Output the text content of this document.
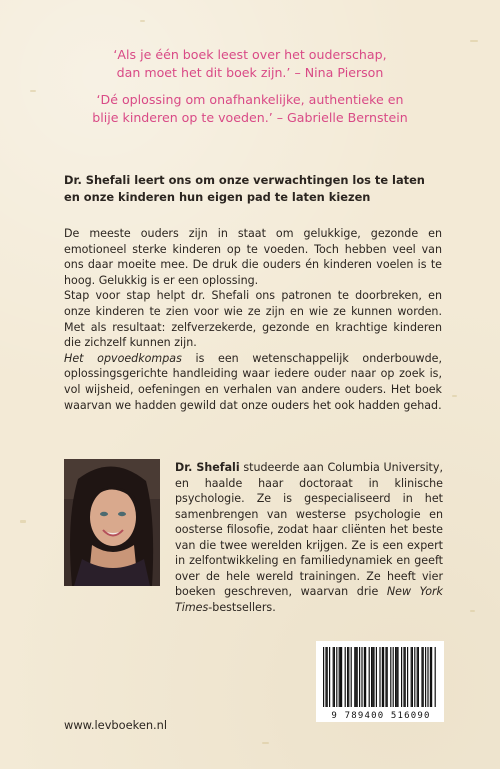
‘Als je één boek leest over het ouderschap,
dan moet het dit boek zijn.’ – Nina Pierson
‘Dé oplossing om onafhankelijke, authentieke en
blije kinderen op te voeden.’ – Gabrielle Bernstein
Dr. Shefali leert ons om onze verwachtingen los te laten en onze kinderen hun eigen pad te laten kiezen

De meeste ouders zijn in staat om gelukkige, gezonde en emotioneel sterke kinderen op te voeden. Toch hebben veel van ons daar moeite mee. De druk die ouders én kinderen voelen is te hoog. Gelukkig is er een oplossing.

Stap voor stap helpt dr. Shefali ons patronen te doorbreken, en onze kinderen te zien voor wie ze zijn en wie ze kunnen worden. Met als resultaat: zelfverzekerde, gezonde en krachtige kinderen die zichzelf kunnen zijn.

Het opvoedkompas is een wetenschappelijk onderbouwde, oplossingsgerichte handleiding waar iedere ouder naar op zoek is, vol wijsheid, oefeningen en verhalen van andere ouders. Het boek waarvan we hadden gewild dat onze ouders het ook hadden gehad.

Dr. Shefali studeerde aan Columbia University, en haalde haar doctoraat in klinische psychologie. Ze is gespecialiseerd in het samenbrengen van westerse psychologie en oosterse filosofie, zodat haar cliënten het beste van die twee werelden krijgen. Ze is een expert in zelfontwikkeling en familiedynamiek en geeft over de hele wereld trainingen. Ze heeft vier boeken geschreven, waarvan drie New York Times-bestsellers.
9 789400 516090
www.levboeken.nl
